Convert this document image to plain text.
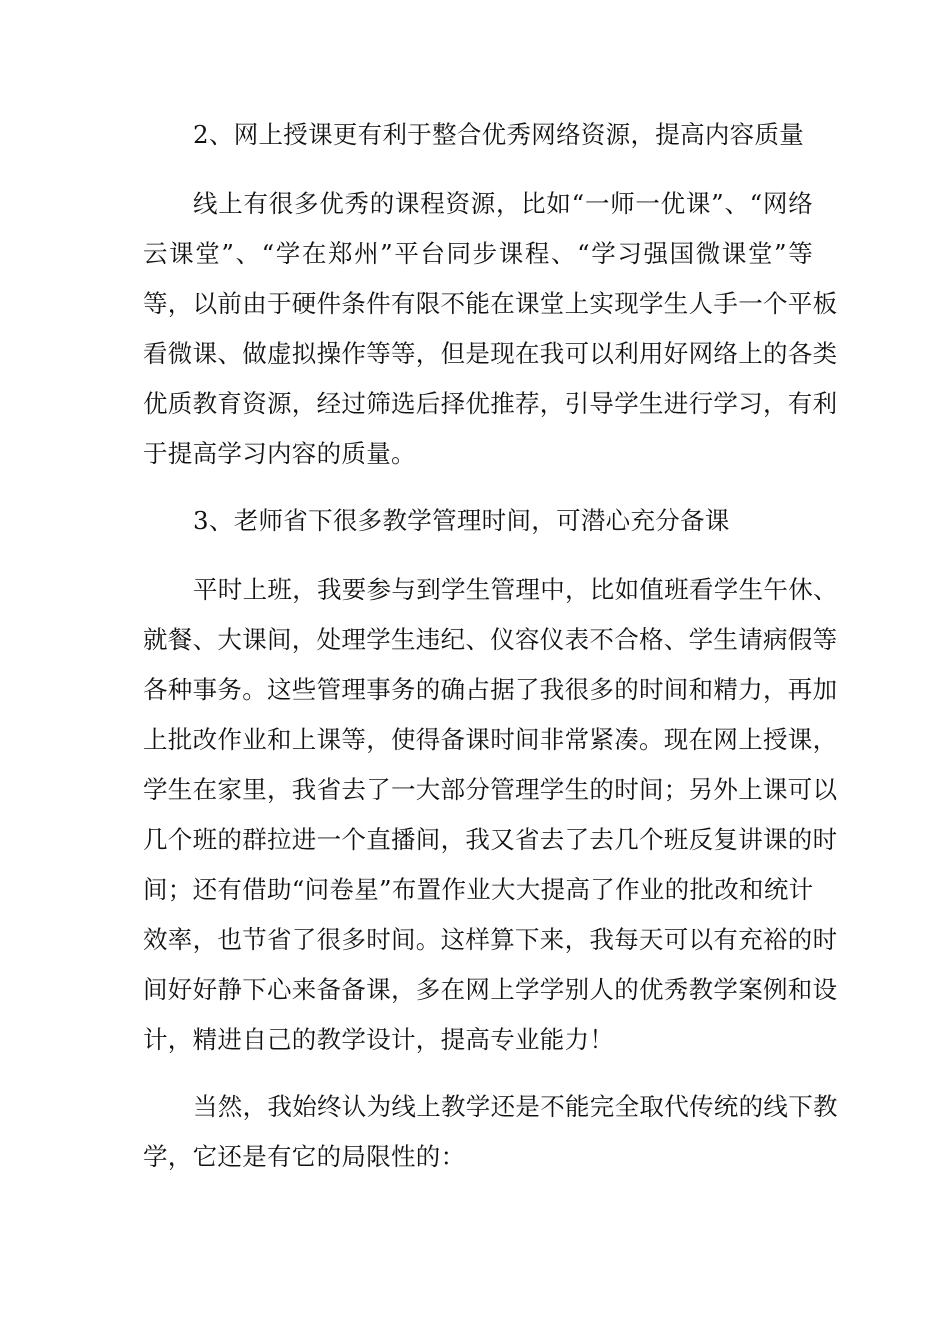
2、网上授课更有利于整合优秀网络资源，提高内容质量

线上有很多优秀的课程资源，比如“一师一优课”、“网络

云课堂”、“学在郑州”平台同步课程、“学习强国微课堂”等

等，以前由于硬件条件有限不能在课堂上实现学生人手一个平板

看微课、做虚拟操作等等，但是现在我可以利用好网络上的各类

优质教育资源，经过筛选后择优推荐，引导学生进行学习，有利

于提高学习内容的质量。

3、老师省下很多教学管理时间，可潜心充分备课

平时上班，我要参与到学生管理中，比如值班看学生午休、

就餐、大课间，处理学生违纪、仪容仪表不合格、学生请病假等

各种事务。这些管理事务的确占据了我很多的时间和精力，再加

上批改作业和上课等，使得备课时间非常紧凑。现在网上授课，

学生在家里，我省去了一大部分管理学生的时间；另外上课可以

几个班的群拉进一个直播间，我又省去了去几个班反复讲课的时

间；还有借助“问卷星”布置作业大大提高了作业的批改和统计

效率，也节省了很多时间。这样算下来，我每天可以有充裕的时

间好好静下心来备备课，多在网上学学别人的优秀教学案例和设

计，精进自己的教学设计，提高专业能力！

当然，我始终认为线上教学还是不能完全取代传统的线下教

学，它还是有它的局限性的：
